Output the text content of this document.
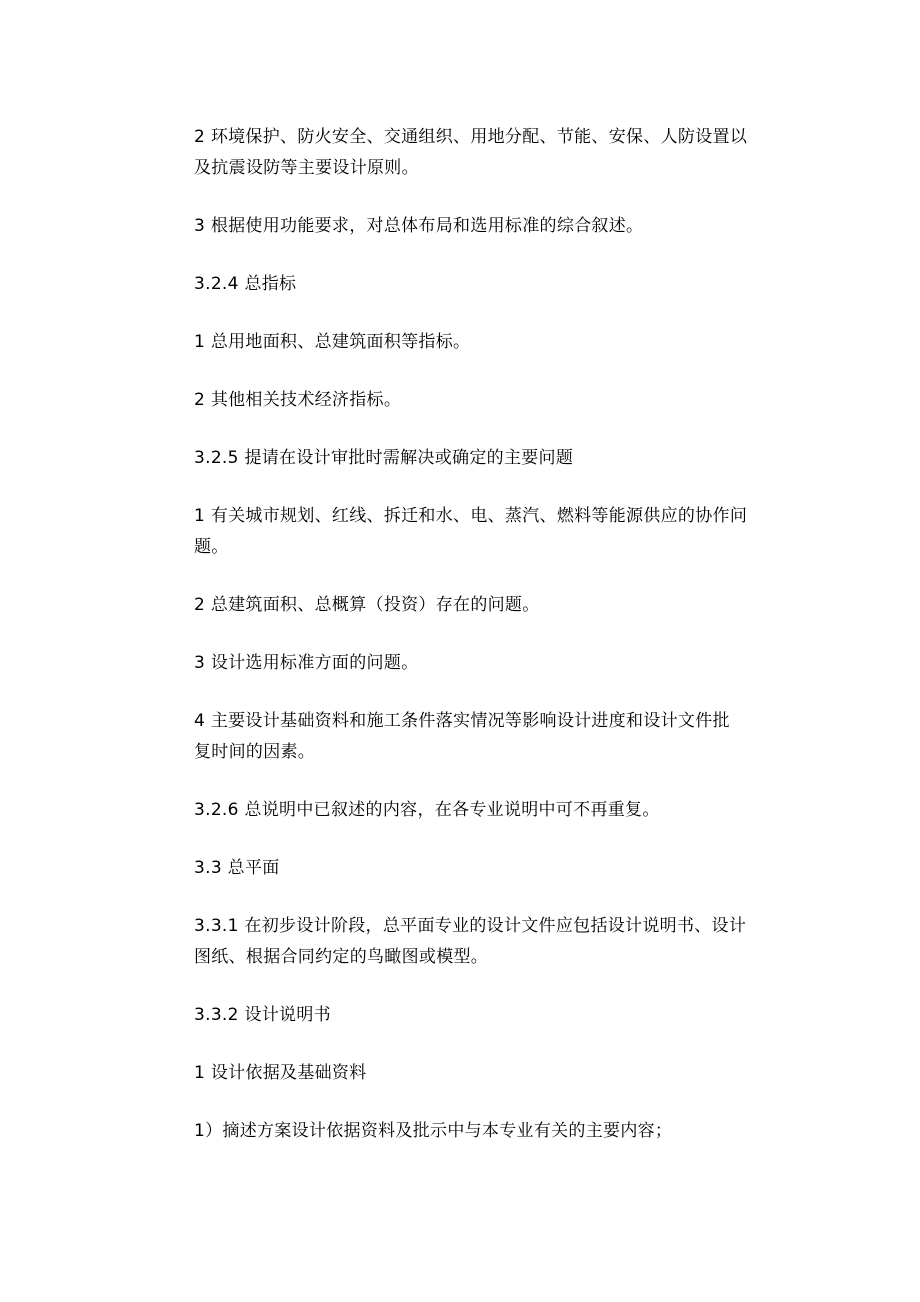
2 环境保护、防火安全、交通组织、用地分配、节能、安保、人防设置以
及抗震设防等主要设计原则。

3 根据使用功能要求，对总体布局和选用标准的综合叙述。

3.2.4 总指标

1 总用地面积、总建筑面积等指标。

2 其他相关技术经济指标。

3.2.5 提请在设计审批时需解决或确定的主要问题

1 有关城市规划、红线、拆迁和水、电、蒸汽、燃料等能源供应的协作问
题。

2 总建筑面积、总概算（投资）存在的问题。

3 设计选用标准方面的问题。

4 主要设计基础资料和施工条件落实情况等影响设计进度和设计文件批
复时间的因素。

3.2.6 总说明中已叙述的内容，在各专业说明中可不再重复。

3.3 总平面

3.3.1 在初步设计阶段，总平面专业的设计文件应包括设计说明书、设计
图纸、根据合同约定的鸟瞰图或模型。

3.3.2 设计说明书

1 设计依据及基础资料

1）摘述方案设计依据资料及批示中与本专业有关的主要内容；
